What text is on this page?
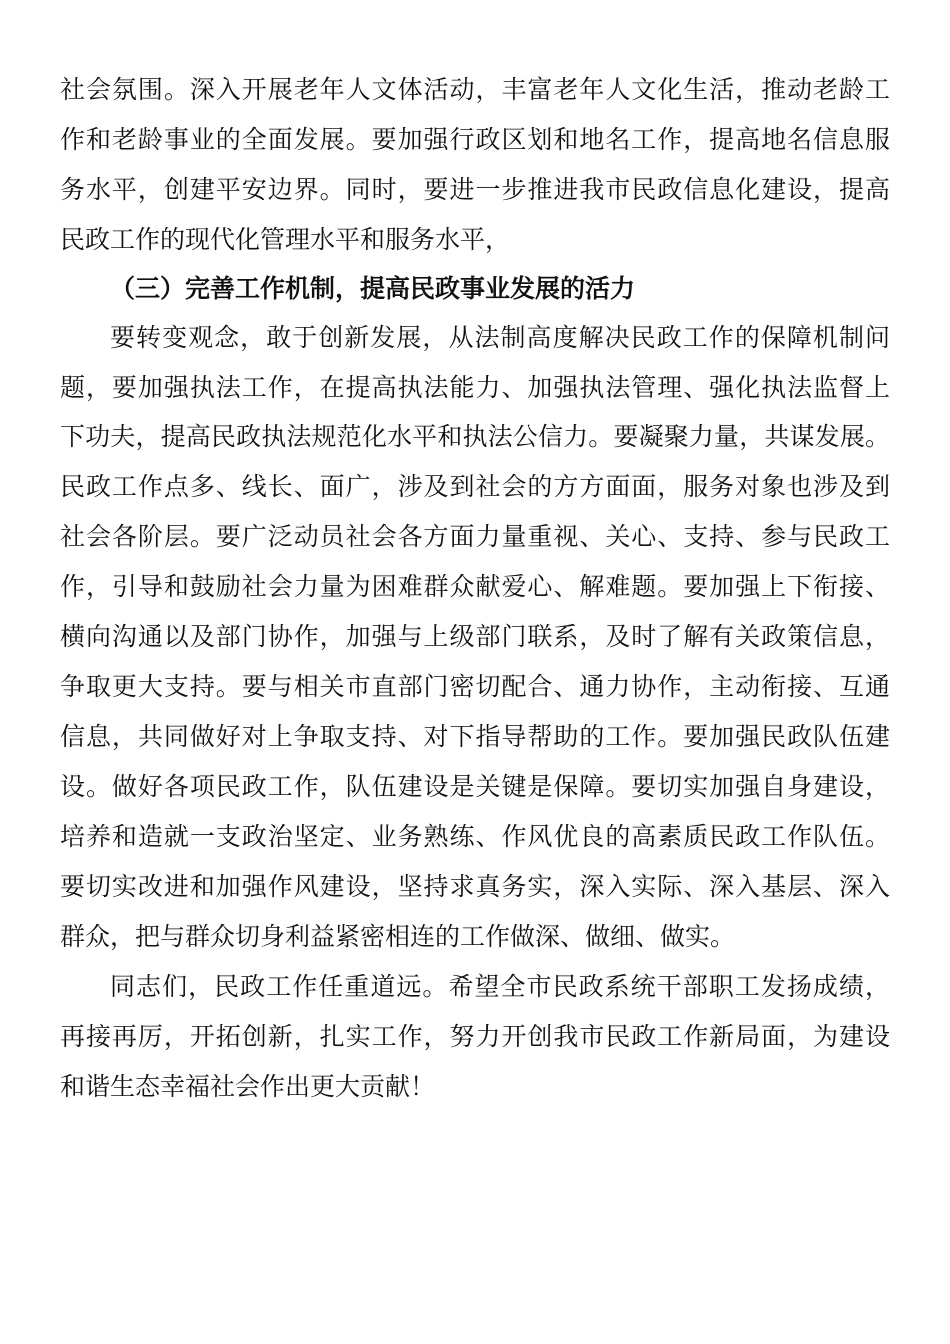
社会氛围。深入开展老年人文体活动，丰富老年人文化生活，推动老龄工
作和老龄事业的全面发展。要加强行政区划和地名工作，提高地名信息服
务水平，创建平安边界。同时，要进一步推进我市民政信息化建设，提高
民政工作的现代化管理水平和服务水平，
（三）完善工作机制，提高民政事业发展的活力
要转变观念，敢于创新发展，从法制高度解决民政工作的保障机制问
题，要加强执法工作，在提高执法能力、加强执法管理、强化执法监督上
下功夫，提高民政执法规范化水平和执法公信力。要凝聚力量，共谋发展。
民政工作点多、线长、面广，涉及到社会的方方面面，服务对象也涉及到
社会各阶层。要广泛动员社会各方面力量重视、关心、支持、参与民政工
作，引导和鼓励社会力量为困难群众献爱心、解难题。要加强上下衔接、
横向沟通以及部门协作，加强与上级部门联系，及时了解有关政策信息，
争取更大支持。要与相关市直部门密切配合、通力协作，主动衔接、互通
信息，共同做好对上争取支持、对下指导帮助的工作。要加强民政队伍建
设。做好各项民政工作，队伍建设是关键是保障。要切实加强自身建设，
培养和造就一支政治坚定、业务熟练、作风优良的高素质民政工作队伍。
要切实改进和加强作风建设，坚持求真务实，深入实际、深入基层、深入
群众，把与群众切身利益紧密相连的工作做深、做细、做实。
同志们，民政工作任重道远。希望全市民政系统干部职工发扬成绩，
再接再厉，开拓创新，扎实工作，努力开创我市民政工作新局面，为建设
和谐生态幸福社会作出更大贡献！
